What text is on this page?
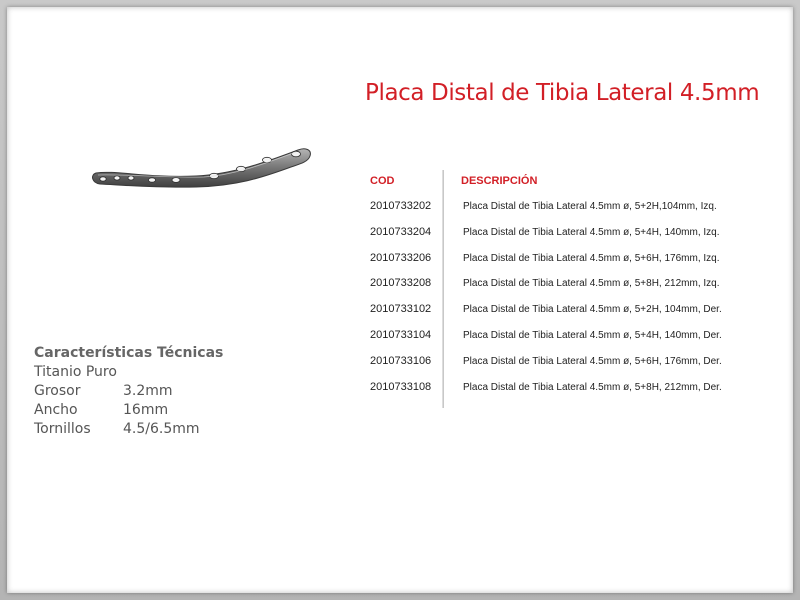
Placa Distal de Tibia Lateral 4.5mm
Características Técnicas
Titanio Puro
Grosor	3.2mm
Ancho	16mm
Tornillos 4.5/6.5mm
COD	DESCRIPCIÓN
2010733202	Placa Distal de Tibia Lateral 4.5mm ø, 5+2H,104mm, Izq.
2010733204	Placa Distal de Tibia Lateral 4.5mm ø, 5+4H, 140mm, Izq.
2010733206	Placa Distal de Tibia Lateral 4.5mm ø, 5+6H, 176mm, Izq.
2010733208	Placa Distal de Tibia Lateral 4.5mm ø, 5+8H, 212mm, Izq.
2010733102	Placa Distal de Tibia Lateral 4.5mm ø, 5+2H, 104mm, Der.
2010733104	Placa Distal de Tibia Lateral 4.5mm ø, 5+4H, 140mm, Der.
2010733106	Placa Distal de Tibia Lateral 4.5mm ø, 5+6H, 176mm, Der.
2010733108	Placa Distal de Tibia Lateral 4.5mm ø, 5+8H, 212mm, Der.
